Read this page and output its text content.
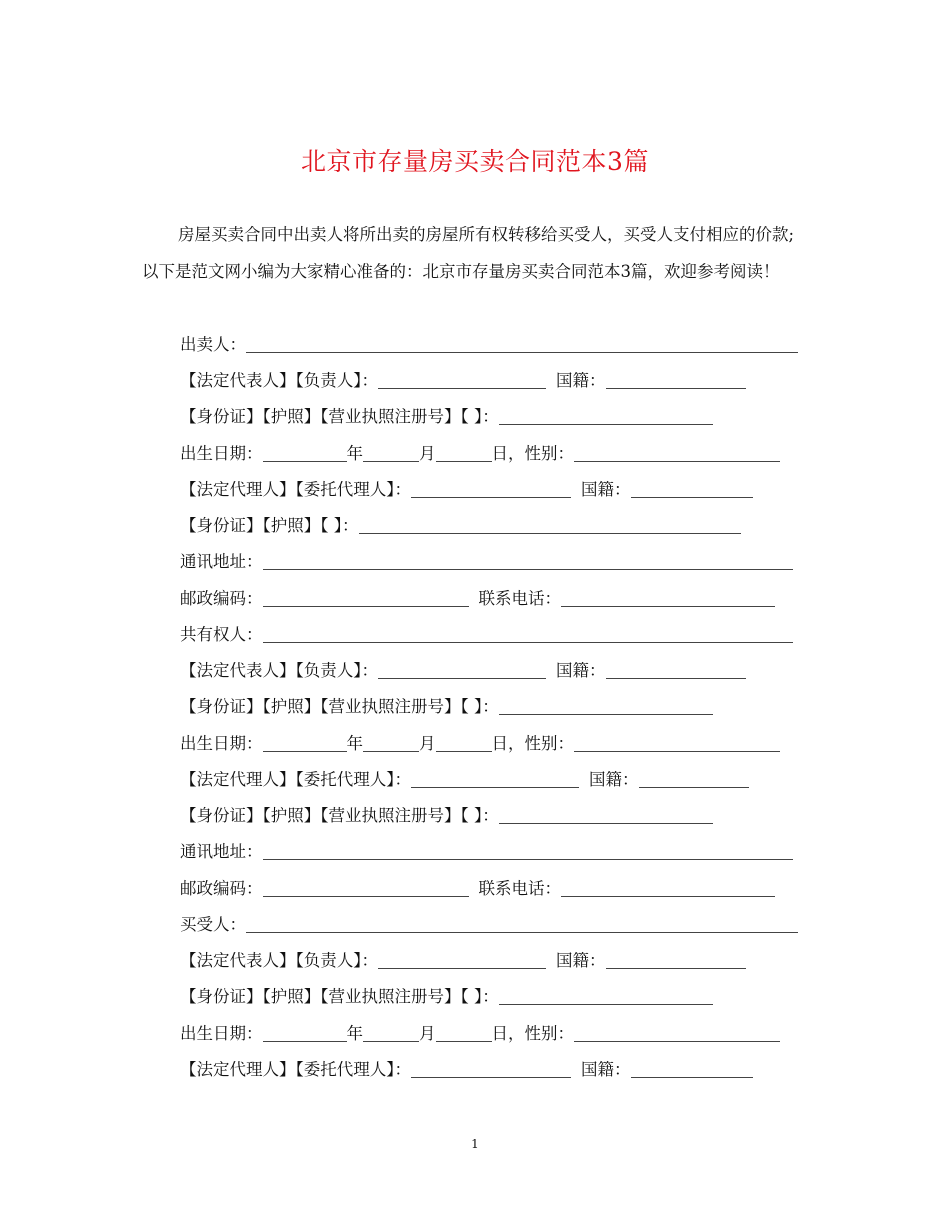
北京市存量房买卖合同范本3篇
房屋买卖合同中出卖人将所出卖的房屋所有权转移给买受人，买受人支付相应的价款;以下是范文网小编为大家精心准备的：北京市存量房买卖合同范本3篇，欢迎参考阅读！
出卖人：
【法定代表人】【负责人】：	国籍：
【身份证】【护照】【营业执照注册号】【 】：
出生日期：	年	月	日，性别：
【法定代理人】【委托代理人】：	国籍：
【身份证】【护照】【 】：
通讯地址：
邮政编码：	联系电话：
共有权人：
【法定代表人】【负责人】：	国籍：
【身份证】【护照】【营业执照注册号】【 】：
出生日期：	年	月	日，性别：
【法定代理人】【委托代理人】：	国籍：
【身份证】【护照】【营业执照注册号】【 】：
通讯地址：
邮政编码：	联系电话：
买受人：
【法定代表人】【负责人】：	国籍：
【身份证】【护照】【营业执照注册号】【 】：
出生日期：	年	月	日，性别：
【法定代理人】【委托代理人】：	国籍：
1
